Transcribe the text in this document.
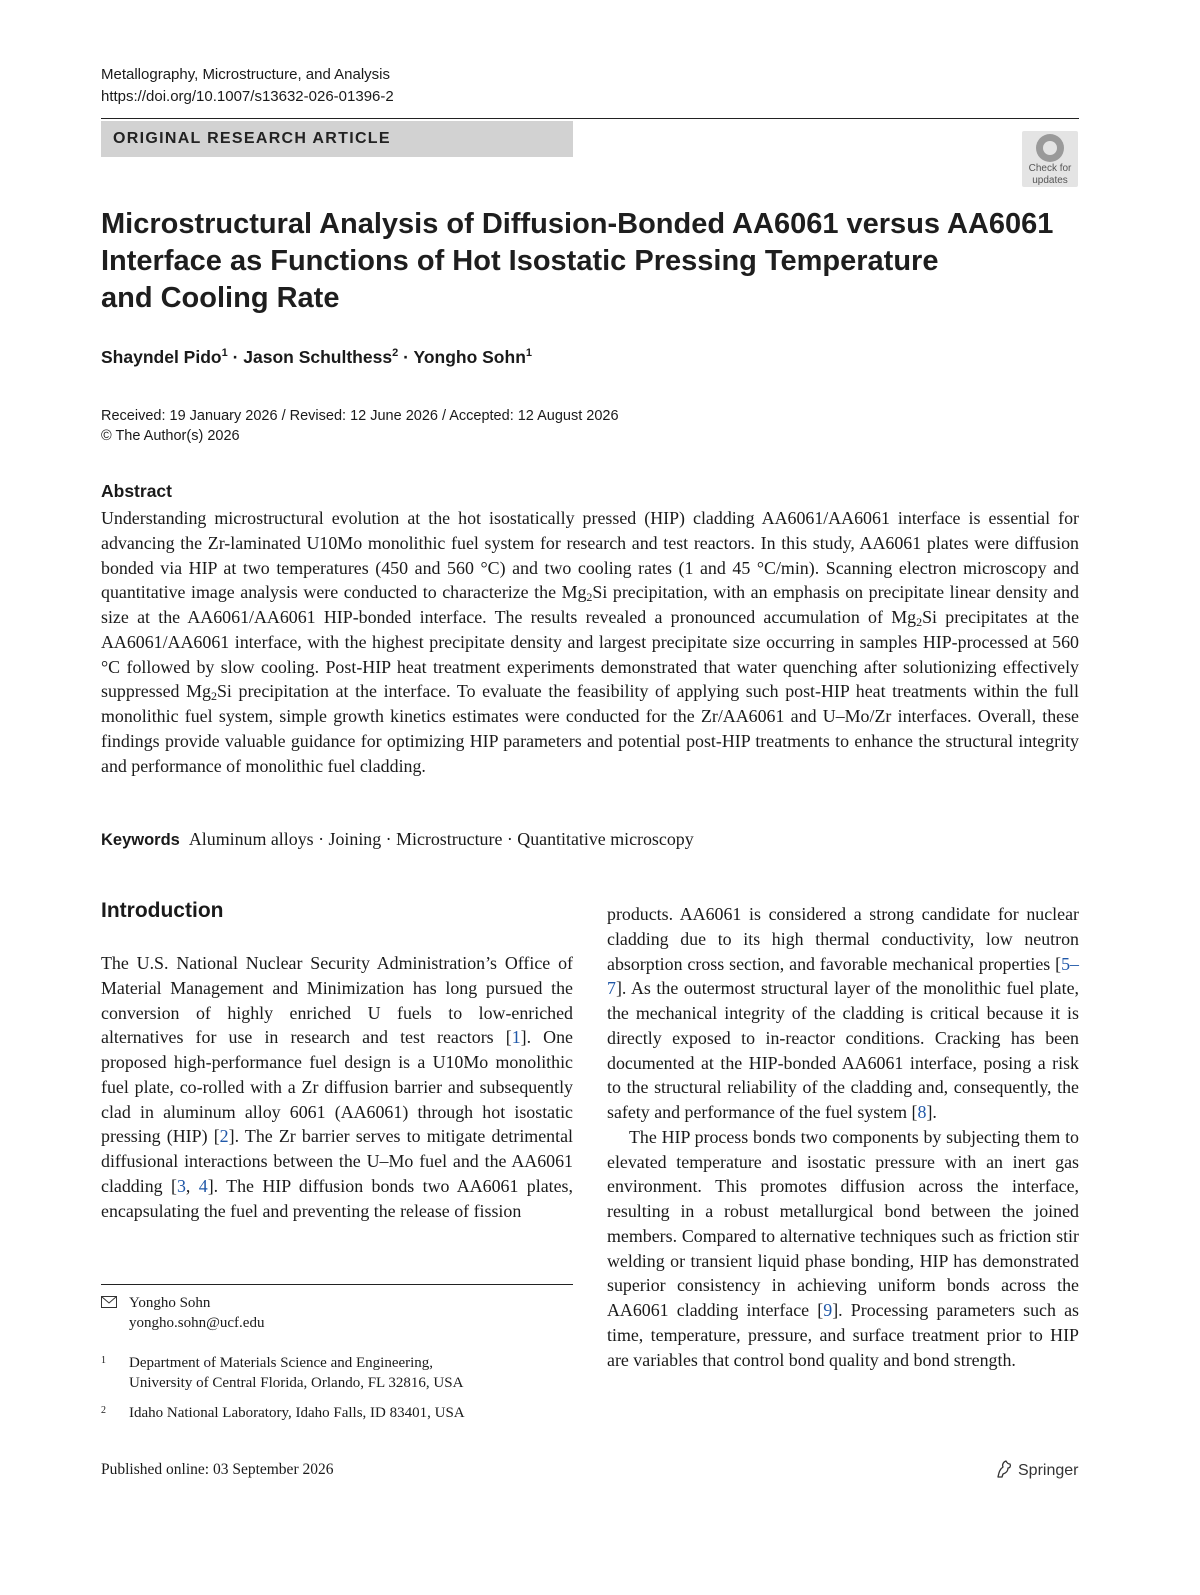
Metallography, Microstructure, and Analysis
https://doi.org/10.1007/s13632-026-01396-2
ORIGINAL RESEARCH ARTICLE
Check for
updates
Microstructural Analysis of Diffusion-Bonded AA6061 versus AA6061
Interface as Functions of Hot Isostatic Pressing Temperature
and Cooling Rate
Shayndel Pido$^1$ · Jason Schulthess$^2$ · Yongho Sohn$^1$
Received: 19 January 2026 / Revised: 12 June 2026 / Accepted: 12 August 2026
© The Author(s) 2026
Abstract
Understanding microstructural evolution at the hot isostatically pressed (HIP) cladding AA6061/AA6061 interface is essential for advancing the Zr-laminated U10Mo monolithic fuel system for research and test reactors. In this study, AA6061 plates were diffusion bonded via HIP at two temperatures (450 and 560 °C) and two cooling rates (1 and 45 °C/min). Scanning electron microscopy and quantitative image analysis were conducted to characterize the $Mg_2Si$ precipitation, with an emphasis on precipitate linear density and size at the AA6061/AA6061 HIP-bonded interface. The results revealed a pronounced accumulation of $Mg_2Si$ precipitates at the AA6061/AA6061 interface, with the highest precipitate density and largest precipitate size occurring in samples HIP-processed at 560 °C followed by slow cooling. Post-HIP heat treatment experiments demonstrated that water quenching after solutionizing effectively suppressed $Mg_2Si$ precipitation at the interface. To evaluate the feasibility of applying such post-HIP heat treatments within the full monolithic fuel system, simple growth kinetics estimates were conducted for the Zr/AA6061 and U–Mo/Zr interfaces. Overall, these findings provide valuable guidance for optimizing HIP parameters and potential post-HIP treatments to enhance the structural integrity and performance of monolithic fuel cladding.
Keywords Aluminum alloys · Joining · Microstructure · Quantitative microscopy
Introduction

The U.S. National Nuclear Security Administration’s Office of Material Management and Minimization has long pursued the conversion of highly enriched U fuels to low-enriched alternatives for use in research and test reactors [1]. One proposed high-performance fuel design is a U10Mo monolithic fuel plate, co-rolled with a Zr diffusion barrier and subsequently clad in aluminum alloy 6061 (AA6061) through hot isostatic pressing (HIP) [2]. The Zr barrier serves to mitigate detrimental diffusional interactions between the U–Mo fuel and the AA6061 cladding [3, 4]. The HIP diffusion bonds two AA6061 plates, encapsulating the fuel and preventing the release of fission

products. AA6061 is considered a strong candidate for nuclear cladding due to its high thermal conductivity, low neutron absorption cross section, and favorable mechanical properties [5–7]. As the outermost structural layer of the monolithic fuel plate, the mechanical integrity of the cladding is critical because it is directly exposed to in-reactor conditions. Cracking has been documented at the HIP-bonded AA6061 interface, posing a risk to the structural reliability of the cladding and, consequently, the safety and performance of the fuel system [8].

The HIP process bonds two components by subjecting them to elevated temperature and isostatic pressure with an inert gas environment. This promotes diffusion across the interface, resulting in a robust metallurgical bond between the joined members. Compared to alternative techniques such as friction stir welding or transient liquid phase bonding, HIP has demonstrated superior consistency in achieving uniform bonds across the AA6061 cladding interface [9]. Processing parameters such as time, temperature, pressure, and surface treatment prior to HIP are variables that control bond quality and bond strength.

Yongho Sohn
yongho.sohn@ucf.edu
1 Department of Materials Science and Engineering,
University of Central Florida, Orlando, FL 32816, USA
2 Idaho National Laboratory, Idaho Falls, ID 83401, USA
Published online: 03 September 2026	Springer
